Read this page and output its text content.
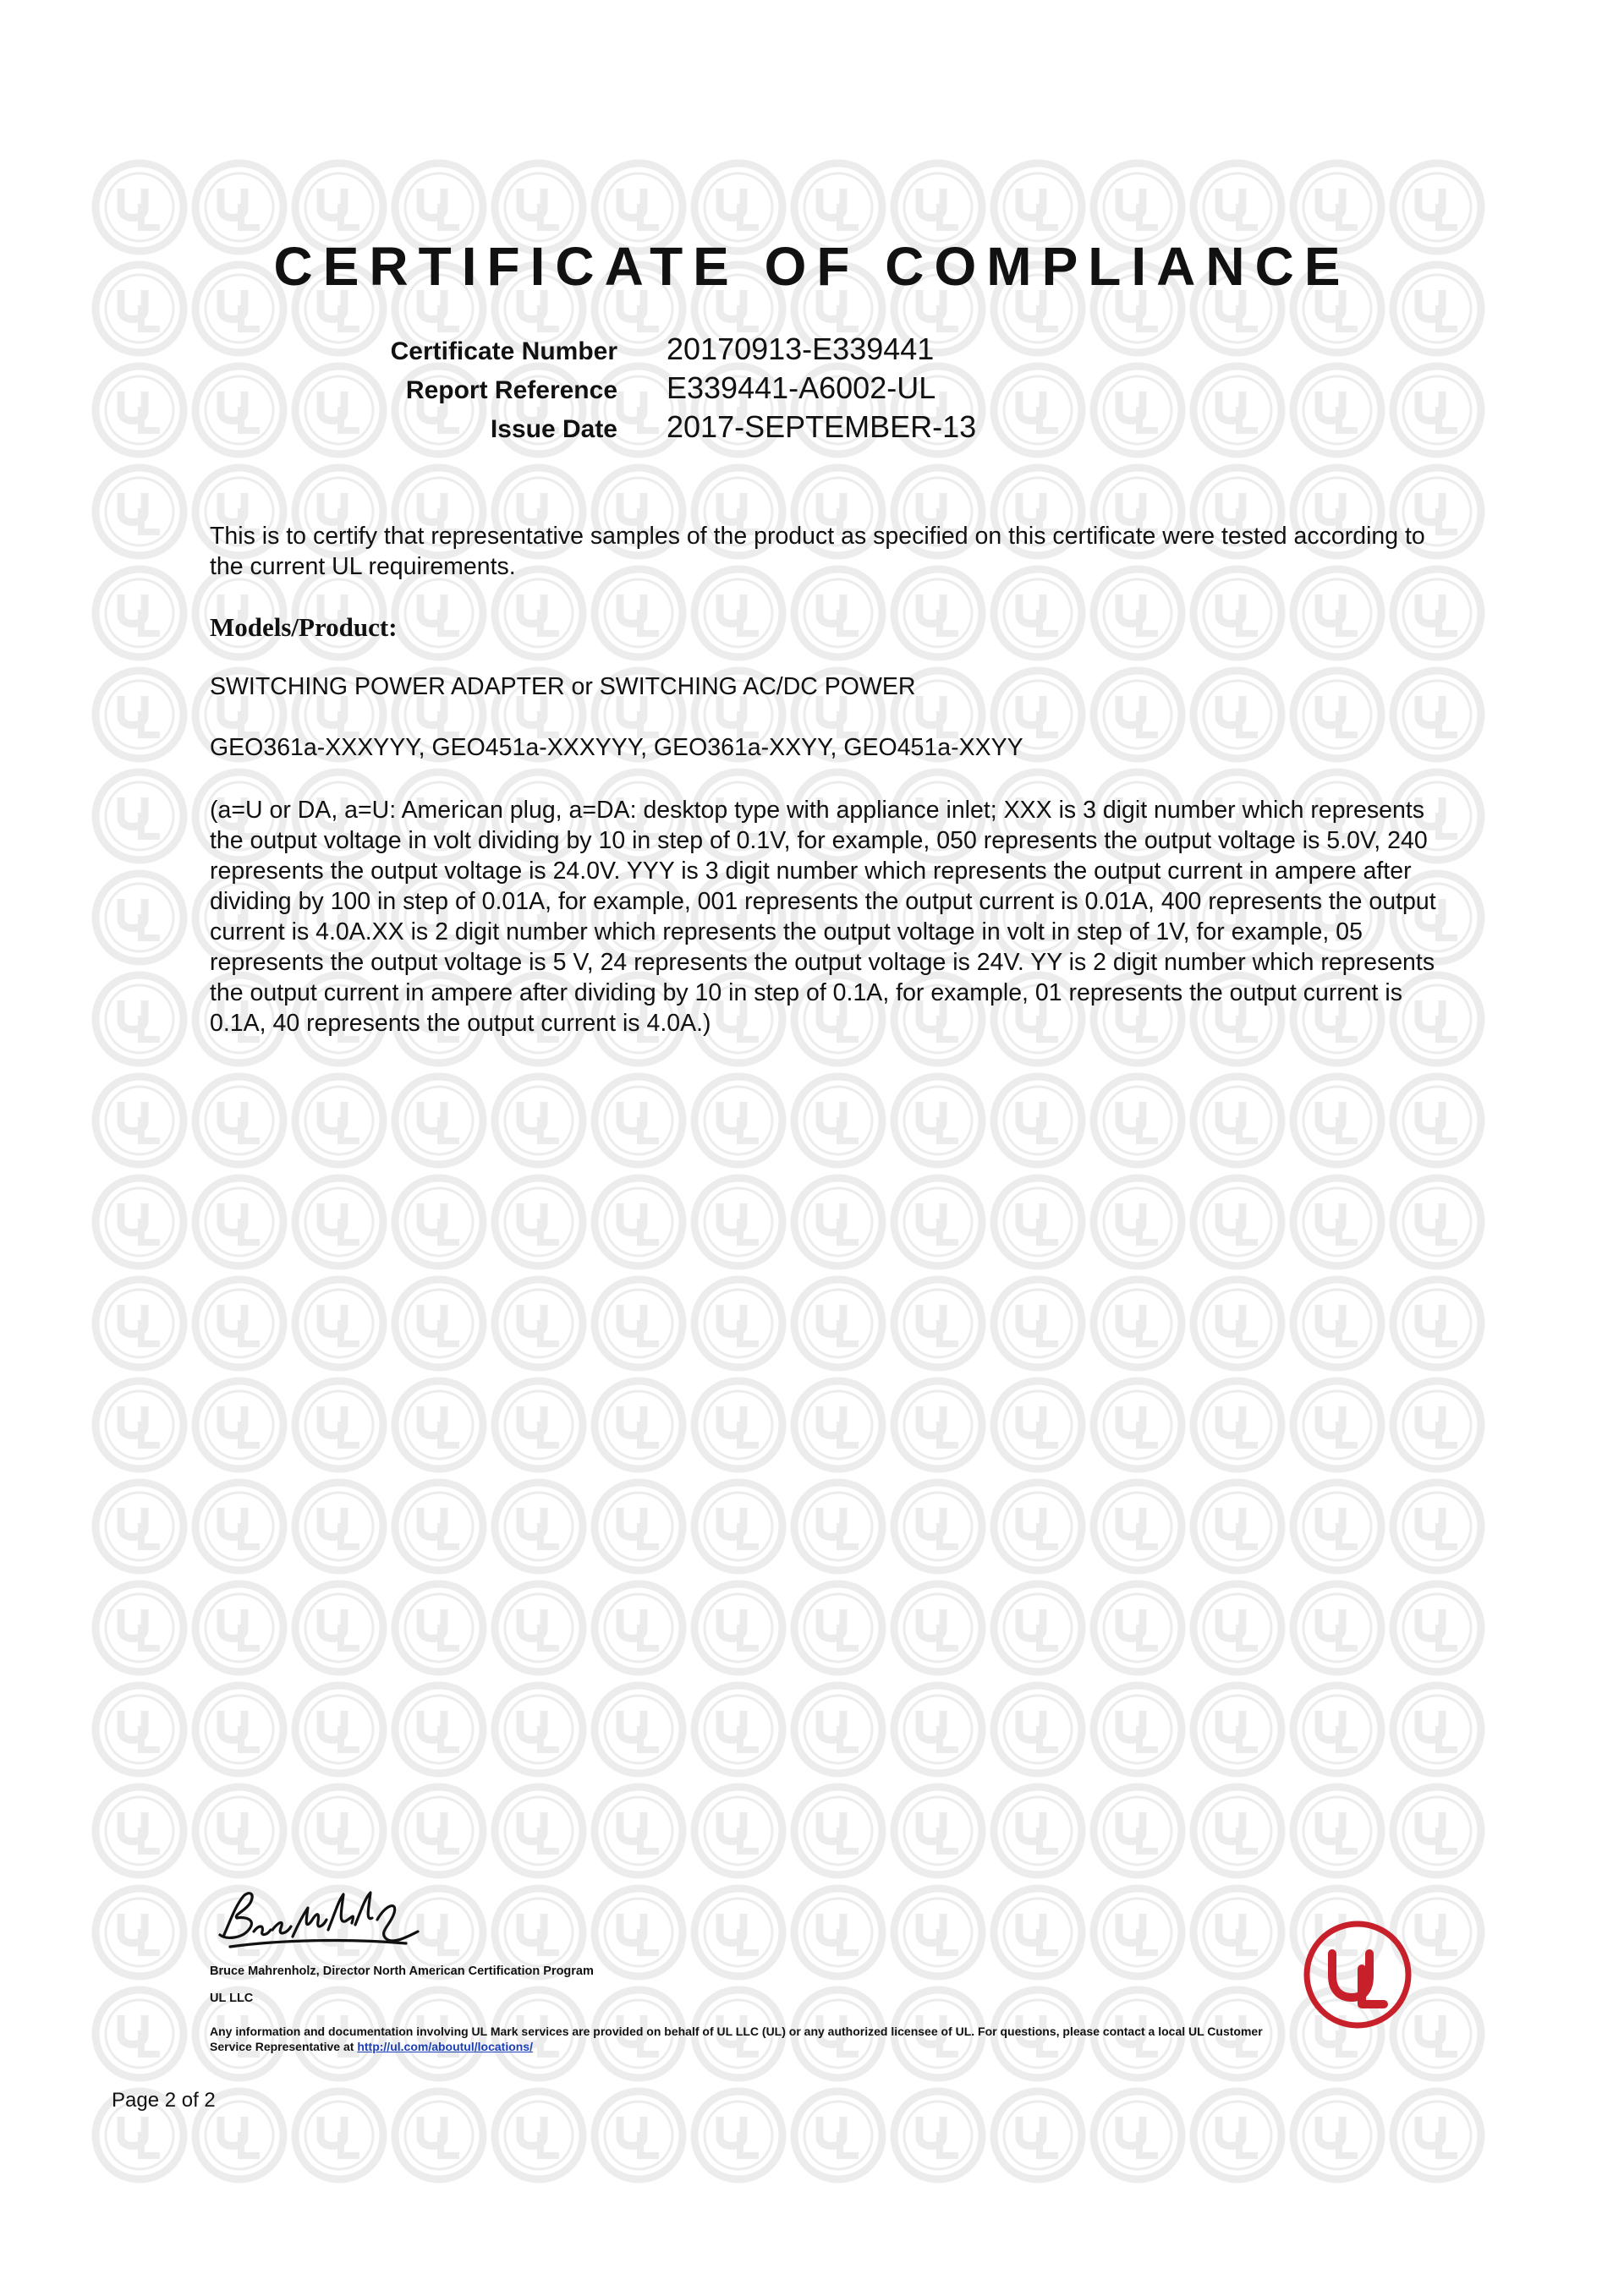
CERTIFICATE OF COMPLIANCE
Certificate Number 20170913-E339441
Report Reference E339441-A6002-UL
Issue Date 2017-SEPTEMBER-13
This is to certify that representative samples of the product as specified on this certificate were tested according to the current UL requirements.
Models/Product:
SWITCHING POWER ADAPTER or SWITCHING AC/DC POWER
GEO361a-XXXYYY, GEO451a-XXXYYY, GEO361a-XXYY, GEO451a-XXYY
(a=U or DA, a=U: American plug, a=DA: desktop type with appliance inlet; XXX is 3 digit number which represents the output voltage in volt dividing by 10 in step of 0.1V, for example, 050 represents the output voltage is 5.0V, 240 represents the output voltage is 24.0V. YYY is 3 digit number which represents the output current in ampere after dividing by 100 in step of 0.01A, for example, 001 represents the output current is 0.01A, 400 represents the output current is 4.0A.XX is 2 digit number which represents the output voltage in volt in step of 1V, for example, 05 represents the output voltage is 5 V, 24 represents the output voltage is 24V. YY is 2 digit number which represents the output current in ampere after dividing by 10 in step of 0.1A, for example, 01 represents the output current is 0.1A, 40 represents the output current is 4.0A.)
Bruce Mahrenholz, Director North American Certification Program
UL LLC
Any information and documentation involving UL Mark services are provided on behalf of UL LLC (UL) or any authorized licensee of UL. For questions, please contact a local UL Customer Service Representative at http://ul.com/aboutul/locations/
Page 2 of 2
